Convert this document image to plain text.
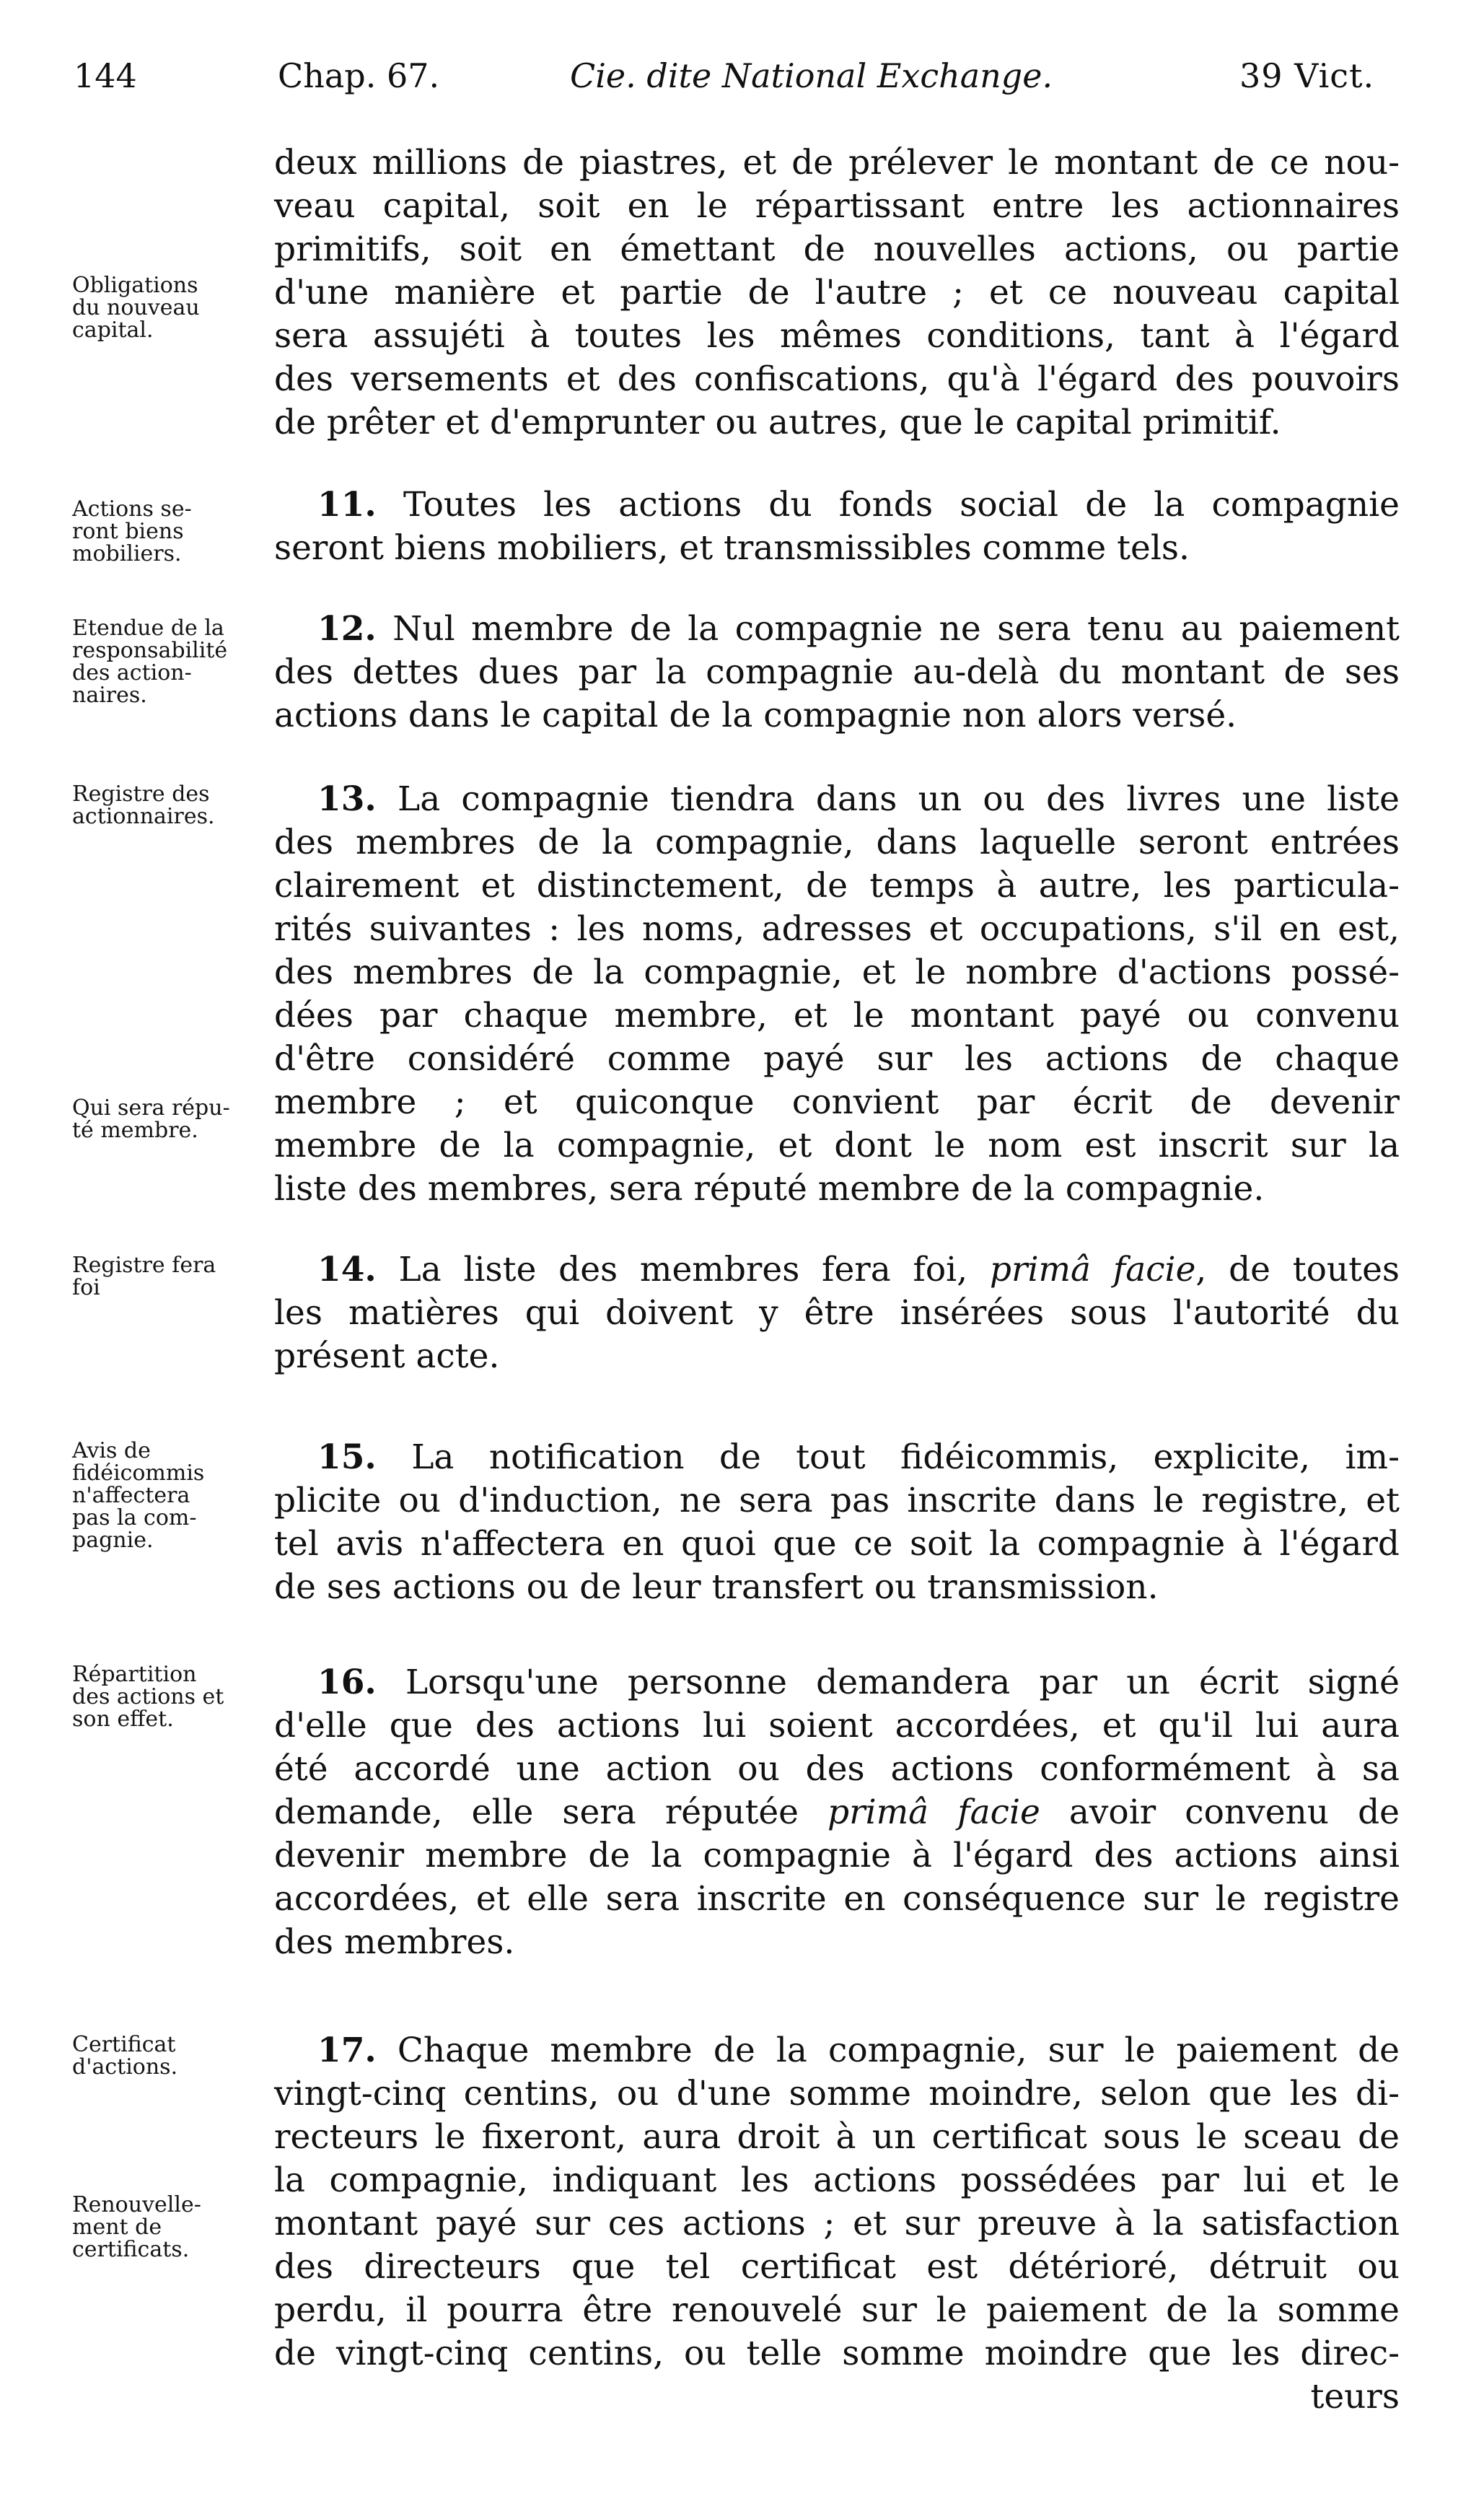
144	Chap. 67.	Cie. dite National Exchange.	39 Vict.
Obligations
du nouveau
capital.
Actions se-
ront biens
mobiliers.
Etendue de la
responsabilité
des action-
naires.
Registre des
actionnaires.
Qui sera répu-
té membre.
Registre fera
foi
Avis de
fidéicommis
n'affectera
pas la com-
pagnie.
Répartition
des actions et
son effet.
Certificat
d'actions.
Renouvelle-
ment de
certificats.
deux millions de piastres, et de prélever le montant de ce nou-
veau capital, soit en le répartissant entre les actionnaires
primitifs, soit en émettant de nouvelles actions, ou partie
d'une manière et partie de l'autre ; et ce nouveau capital
sera assujéti à toutes les mêmes conditions, tant à l'égard
des versements et des confiscations, qu'à l'égard des pouvoirs
de prêter et d'emprunter ou autres, que le capital primitif.
11. Toutes les actions du fonds social de la compagnie
seront biens mobiliers, et transmissibles comme tels.
12. Nul membre de la compagnie ne sera tenu au paiement
des dettes dues par la compagnie au-delà du montant de ses
actions dans le capital de la compagnie non alors versé.
13. La compagnie tiendra dans un ou des livres une liste
des membres de la compagnie, dans laquelle seront entrées
clairement et distinctement, de temps à autre, les particula-
rités suivantes : les noms, adresses et occupations, s'il en est,
des membres de la compagnie, et le nombre d'actions possé-
dées par chaque membre, et le montant payé ou convenu
d'être considéré comme payé sur les actions de chaque
membre ; et quiconque convient par écrit de devenir
membre de la compagnie, et dont le nom est inscrit sur la
liste des membres, sera réputé membre de la compagnie.
14. La liste des membres fera foi, primâ facie, de toutes
les matières qui doivent y être insérées sous l'autorité du
présent acte.
15. La notification de tout fidéicommis, explicite, im-
plicite ou d'induction, ne sera pas inscrite dans le registre, et
tel avis n'affectera en quoi que ce soit la compagnie à l'égard
de ses actions ou de leur transfert ou transmission.
16. Lorsqu'une personne demandera par un écrit signé
d'elle que des actions lui soient accordées, et qu'il lui aura
été accordé une action ou des actions conformément à sa
demande, elle sera réputée primâ facie avoir convenu de
devenir membre de la compagnie à l'égard des actions ainsi
accordées, et elle sera inscrite en conséquence sur le registre
des membres.
17. Chaque membre de la compagnie, sur le paiement de
vingt-cinq centins, ou d'une somme moindre, selon que les di-
recteurs le fixeront, aura droit à un certificat sous le sceau de
la compagnie, indiquant les actions possédées par lui et le
montant payé sur ces actions ; et sur preuve à la satisfaction
des directeurs que tel certificat est détérioré, détruit ou
perdu, il pourra être renouvelé sur le paiement de la somme
de vingt-cinq centins, ou telle somme moindre que les direc-
teurs
